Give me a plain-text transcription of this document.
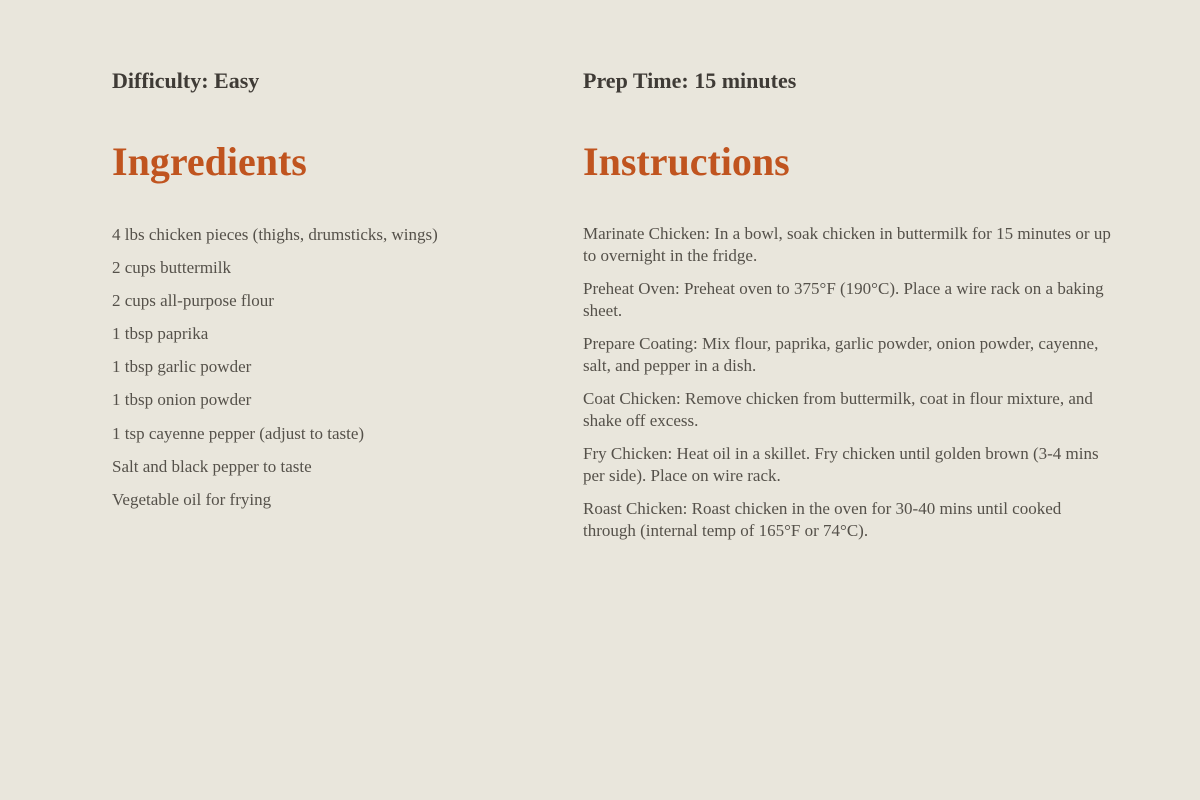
Difficulty: Easy

Ingredients
4 lbs chicken pieces (thighs, drumsticks, wings)
2 cups buttermilk
2 cups all-purpose flour
1 tbsp paprika
1 tbsp garlic powder
1 tbsp onion powder
1 tsp cayenne pepper (adjust to taste)
Salt and black pepper to taste
Vegetable oil for frying

Prep Time: 15 minutes

Instructions
Marinate Chicken: In a bowl, soak chicken in buttermilk for 15 minutes or up to overnight in the fridge.
Preheat Oven: Preheat oven to 375°F (190°C). Place a wire rack on a baking sheet.
Prepare Coating: Mix flour, paprika, garlic powder, onion powder, cayenne, salt, and pepper in a dish.
Coat Chicken: Remove chicken from buttermilk, coat in flour mixture, and shake off excess.
Fry Chicken: Heat oil in a skillet. Fry chicken until golden brown (3-4 mins per side). Place on wire rack.
Roast Chicken: Roast chicken in the oven for 30-40 mins until cooked through (internal temp of 165°F or 74°C).
